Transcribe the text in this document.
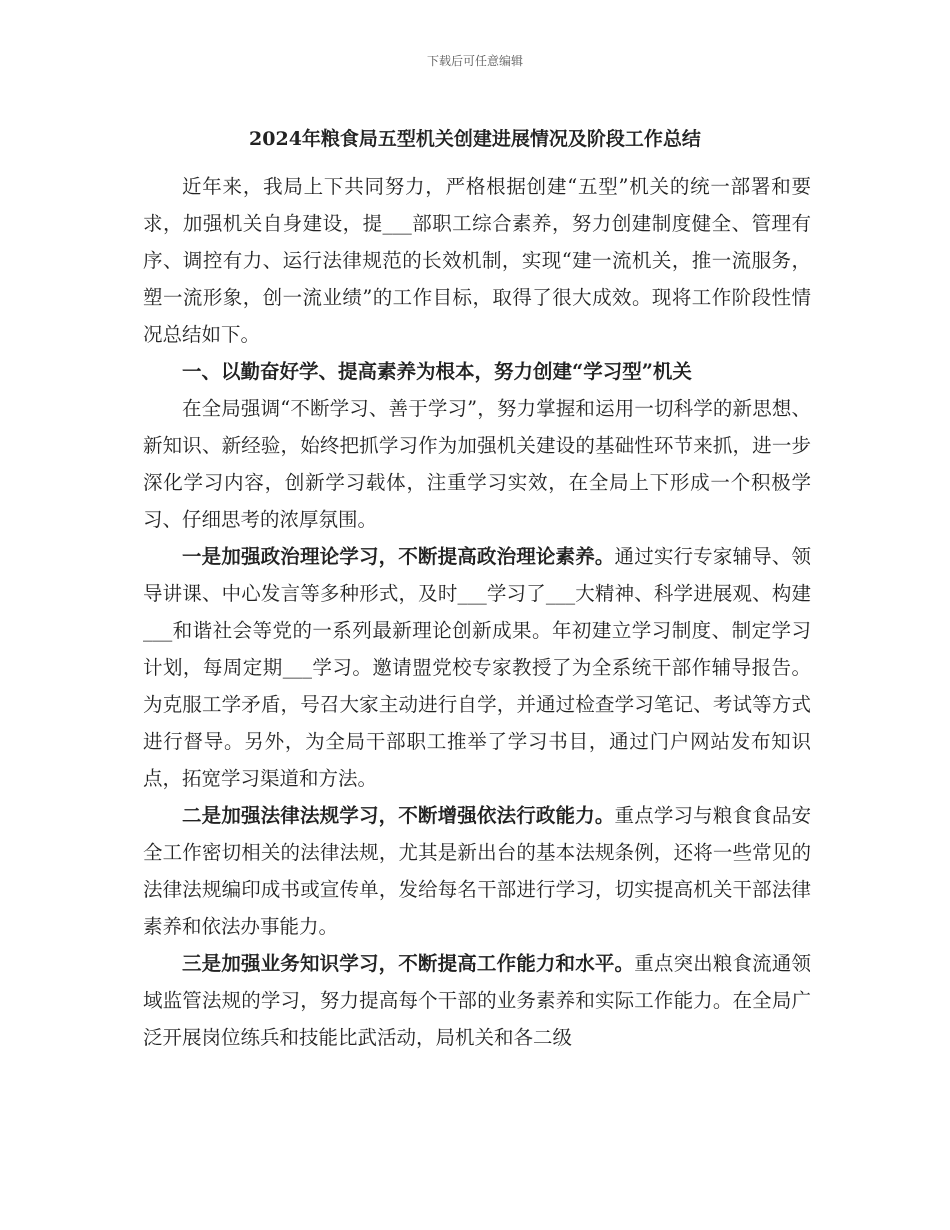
下载后可任意编辑
2024年粮食局五型机关创建进展情况及阶段工作总结

近年来，我局上下共同努力，严格根据创建“五型”机关的统一部署和要求，加强机关自身建设，提___部职工综合素养，努力创建制度健全、管理有序、调控有力、运行法律规范的长效机制，实现“建一流机关，推一流服务，塑一流形象，创一流业绩”的工作目标，取得了很大成效。现将工作阶段性情况总结如下。

一、以勤奋好学、提高素养为根本，努力创建“学习型”机关

在全局强调“不断学习、善于学习”，努力掌握和运用一切科学的新思想、新知识、新经验，始终把抓学习作为加强机关建设的基础性环节来抓，进一步深化学习内容，创新学习载体，注重学习实效，在全局上下形成一个积极学习、仔细思考的浓厚氛围。

一是加强政治理论学习，不断提高政治理论素养。通过实行专家辅导、领导讲课、中心发言等多种形式，及时___学习了___大精神、科学进展观、构建___和谐社会等党的一系列最新理论创新成果。年初建立学习制度、制定学习计划，每周定期___学习。邀请盟党校专家教授了为全系统干部作辅导报告。为克服工学矛盾，号召大家主动进行自学，并通过检查学习笔记、考试等方式进行督导。另外，为全局干部职工推举了学习书目，通过门户网站发布知识点，拓宽学习渠道和方法。

二是加强法律法规学习，不断增强依法行政能力。重点学习与粮食食品安全工作密切相关的法律法规，尤其是新出台的基本法规条例，还将一些常见的法律法规编印成书或宣传单，发给每名干部进行学习，切实提高机关干部法律素养和依法办事能力。

三是加强业务知识学习，不断提高工作能力和水平。重点突出粮食流通领域监管法规的学习，努力提高每个干部的业务素养和实际工作能力。在全局广泛开展岗位练兵和技能比武活动，局机关和各二级
